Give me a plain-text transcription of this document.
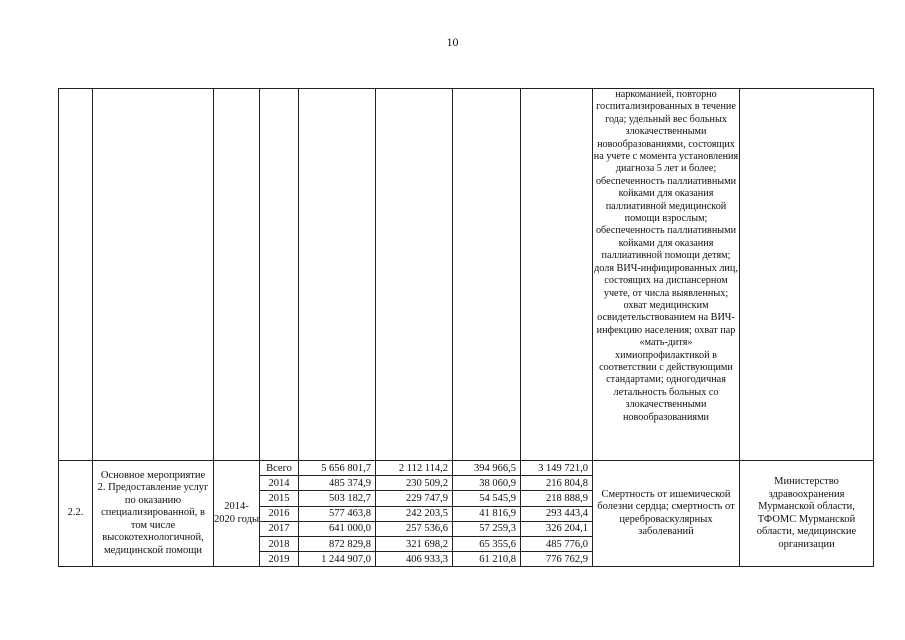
10
								наркоманией, повторно госпитализированных в течение года; удельный вес больных злокачественными новообразованиями, состоящих на учете с момента установления диагноза 5 лет и более; обеспеченность паллиативными койками для оказания паллиативной медицинской помощи взрослым; обеспеченность паллиативными койками для оказания паллиативной помощи детям; доля ВИЧ-инфицированных лиц, состоящих на диспансерном учете, от числа выявленных; охват медицинским освидетельствованием на ВИЧ-инфекцию населения; охват пар «мать-дитя» химиопрофилактикой в соответствии с действующими стандартами; одногодичная летальность больных со злокачественными новообразованиями	
2.2.	Основное мероприятие 2. Предоставление услуг по оказанию специализированной, в том числе высокотехнологичной, медицинской помощи	2014-2020 годы	Всего	5 656 801,7	2 112 114,2	394 966,5	3 149 721,0	Смертность от ишемической болезни сердца; смертность от цереброваскулярных заболеваний	Министерство здравоохранения Мурманской области, ТФОМС Мурманской области, медицинские организации
			2014	485 374,9	230 509,2	38 060,9	216 804,8		
			2015	503 182,7	229 747,9	54 545,9	218 888,9		
			2016	577 463,8	242 203,5	41 816,9	293 443,4		
			2017	641 000,0	257 536,6	57 259,3	326 204,1		
			2018	872 829,8	321 698,2	65 355,6	485 776,0		
			2019	1 244 907,0	406 933,3	61 210,8	776 762,9		
